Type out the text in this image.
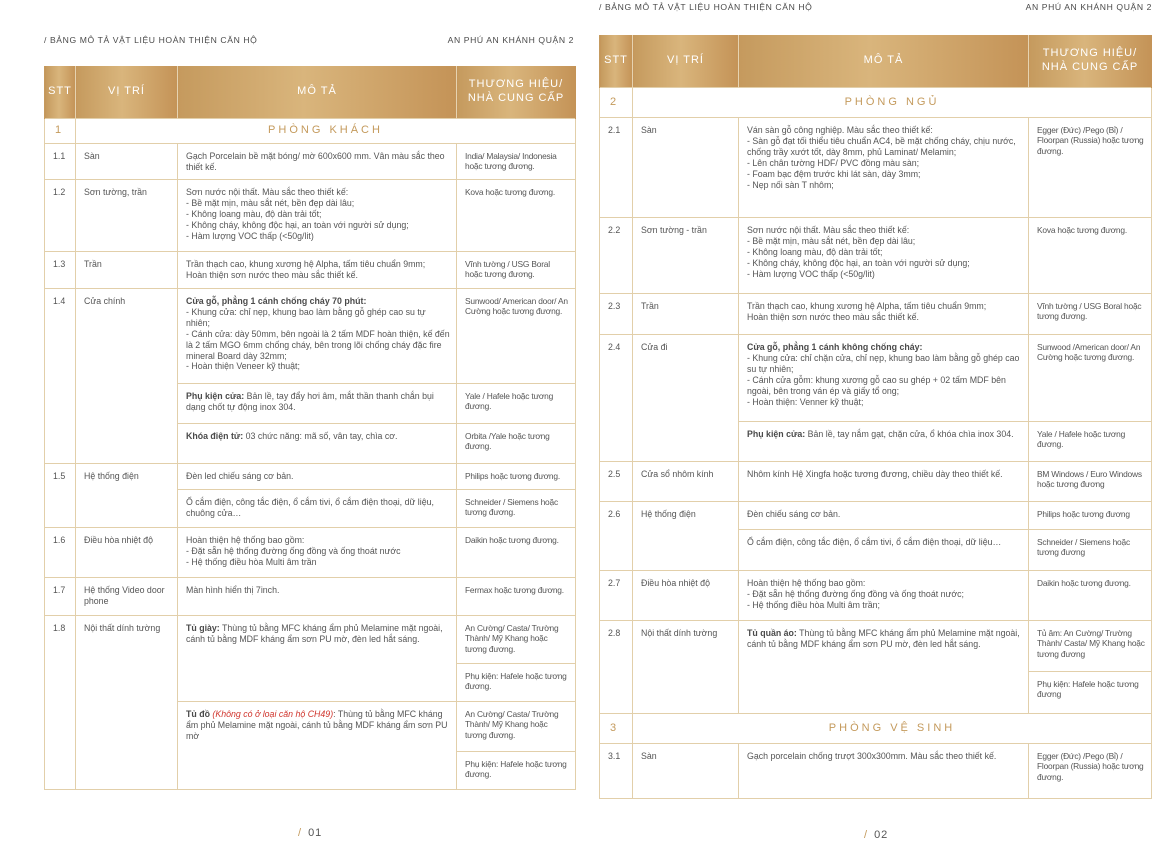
/ BẢNG MÔ TẢ VẬT LIỆU HOÀN THIỆN CĂN HỘ	AN PHÚ AN KHÁNH QUẬN 2
STT	VỊ TRÍ	MÔ TẢ	THƯƠNG HIỆU/
NHÀ CUNG CẤP

1	PHÒNG KHÁCH		
1.1	Sàn	Gạch Porcelain bề mặt bóng/ mờ 600x600 mm. Vân màu sắc theo thiết kế.	India/ Malaysia/ Indonesia hoặc tương đương.
1.2	Sơn tường, trần	Sơn nước nội thất. Màu sắc theo thiết kế:
- Bề mặt mịn, màu sắt nét, bền đẹp dài lâu;
- Không loang màu, độ dàn trải tốt;
- Không cháy, không độc hại, an toàn với người sử dụng;
- Hàm lượng VOC thấp (<50g/lit)	Kova hoặc tương đương.
1.3	Trần	Trần thạch cao, khung xương hệ Alpha, tấm tiêu chuẩn 9mm;
Hoàn thiện sơn nước theo màu sắc thiết kế.	Vĩnh tường / USG Boral hoặc tương đương.
1.4	Cửa chính	Cửa gỗ, phẳng 1 cánh chống cháy 70 phút:
- Khung cửa: chỉ nẹp, khung bao làm bằng gỗ ghép cao su tự nhiên;
- Cánh cửa: dày 50mm, bên ngoài là 2 tấm MDF hoàn thiện, kế đến là 2 tấm MGO 6mm chống cháy, bên trong lõi chống cháy đặc fire mineral Board dày 32mm;
- Hoàn thiện Veneer kỹ thuật;	Sunwood/ American door/ An Cường hoặc tương đương.
		Phụ kiện cửa: Bản lề, tay đẩy hơi âm, mắt thần thanh chắn bụi dạng chốt tự động inox 304.	Yale / Hafele hoặc tương đương.
		Khóa điện tử: 03 chức năng: mã số, vân tay, chìa cơ.	Orbita /Yale hoặc tương đương.
1.5	Hệ thống điện	Đèn led chiếu sáng cơ bản.	Philips hoặc tương đương.

		Ổ cắm điện, công tắc điện, ổ cắm tivi, ổ cắm điện thoại, dữ liệu, chuông cửa…	Schneider / Siemens hoặc tương đương.
1.6	Điều hòa nhiệt độ	Hoàn thiện hệ thống bao gồm:
- Đặt sẵn hệ thống đường ống đồng và ống thoát nước
- Hệ thống điều hòa Multi âm trần	Daikin hoặc tương đương.
1.7	Hệ thống Video door phone	Màn hình hiển thị 7inch.	Fermax hoặc tương đương.
1.8	Nội thất dính tường	Tủ giày: Thùng tủ bằng MFC kháng ẩm phủ Melamine mặt ngoài, cánh tủ bằng MDF kháng ẩm sơn PU mờ, đèn led hắt sáng.	An Cường/ Casta/ Trường Thành/ Mỹ Khang hoặc tương đương.
			Phụ kiện: Hafele hoặc tương đương.
		Tủ đồ (Không có ở loại căn hộ CH49): Thùng tủ bằng MFC kháng ẩm phủ Melamine mặt ngoài, cánh tủ bằng MDF kháng ẩm sơn PU mờ	An Cường/ Casta/ Trường Thành/ Mỹ Khang hoặc tương đương.
			Phụ kiện: Hafele hoặc tương đương.
/ 01
/ BẢNG MÔ TẢ VẬT LIỆU HOÀN THIỆN CĂN HỘ	AN PHÚ AN KHÁNH QUẬN 2
STT	VỊ TRÍ	MÔ TẢ	THƯƠNG HIỆU/
NHÀ CUNG CẤP

2	PHÒNG NGỦ		
2.1	Sàn	Ván sàn gỗ công nghiệp. Màu sắc theo thiết kế:
- Sàn gỗ đạt tối thiểu tiêu chuẩn AC4, bề mặt chống cháy, chịu nước, chống trầy xướt tốt, dày 8mm, phủ Laminat/ Melamin;
- Lên chân tường HDF/ PVC đồng màu sàn;
- Foam bạc đệm trước khi lát sàn, dày 3mm;
- Nẹp nối sàn T nhôm;	Egger (Đức) /Pego (Bỉ) / Floorpan (Russia) hoặc tương đương.
2.2	Sơn tường - trần	Sơn nước nội thất. Màu sắc theo thiết kế:
- Bề mặt mịn, màu sắt nét, bền đẹp dài lâu;
- Không loang màu, độ dàn trải tốt;
- Không cháy, không độc hại, an toàn với người sử dụng;
- Hàm lượng VOC thấp (<50g/lit)	Kova hoặc tương đương.
2.3	Trần	Trần thạch cao, khung xương hệ Alpha, tấm tiêu chuẩn 9mm;
Hoàn thiện sơn nước theo màu sắc thiết kế.	Vĩnh tường / USG Boral hoặc tương đương.
2.4	Cửa đi	Cửa gỗ, phẳng 1 cánh không chống cháy:
- Khung cửa: chỉ chặn cửa, chỉ nẹp, khung bao làm bằng gỗ ghép cao su tự nhiên;
- Cánh cửa gỗm: khung xương gỗ cao su ghép + 02 tấm MDF bên ngoài, bên trong ván ép và giấy tổ ong;
- Hoàn thiện: Venner kỹ thuật;	Sunwood /American door/ An Cường hoặc tương đương.
		Phụ kiện cửa: Bản lề, tay nắm gạt, chặn cửa, ổ khóa chìa inox 304.	Yale / Hafele hoặc tương đương.
2.5	Cửa sổ nhôm kính	Nhôm kính Hệ Xingfa hoặc tương đương, chiều dày theo thiết kế.	BM Windows / Euro Windows hoặc tương đương
2.6	Hệ thống điện	Đèn chiếu sáng cơ bản.	Philips hoặc tương đương

		Ổ cắm điện, công tắc điện, ổ cắm tivi, ổ cắm điện thoại, dữ liệu…	Schneider / Siemens hoặc tương đương
2.7	Điều hòa nhiệt độ	Hoàn thiện hệ thống bao gồm:
- Đặt sẵn hệ thống đường ống đồng và ống thoát nước;
- Hệ thống điều hòa Multi âm trần;	Daikin hoặc tương đương.
2.8	Nội thất dính tường	Tủ quần áo: Thùng tủ bằng MFC kháng ẩm phủ Melamine mặt ngoài, cánh tủ bằng MDF kháng ẩm sơn PU mờ, đèn led hắt sáng.	Tủ âm: An Cường/ Trường Thành/ Casta/ Mỹ Khang hoặc tương đương
			Phụ kiện: Hafele hoặc tương đương
3	PHÒNG VỆ SINH		
3.1	Sàn	Gạch porcelain chống trượt 300x300mm. Màu sắc theo thiết kế.	Egger (Đức) /Pego (Bỉ) / Floorpan (Russia) hoặc tương đương.
/ 02
